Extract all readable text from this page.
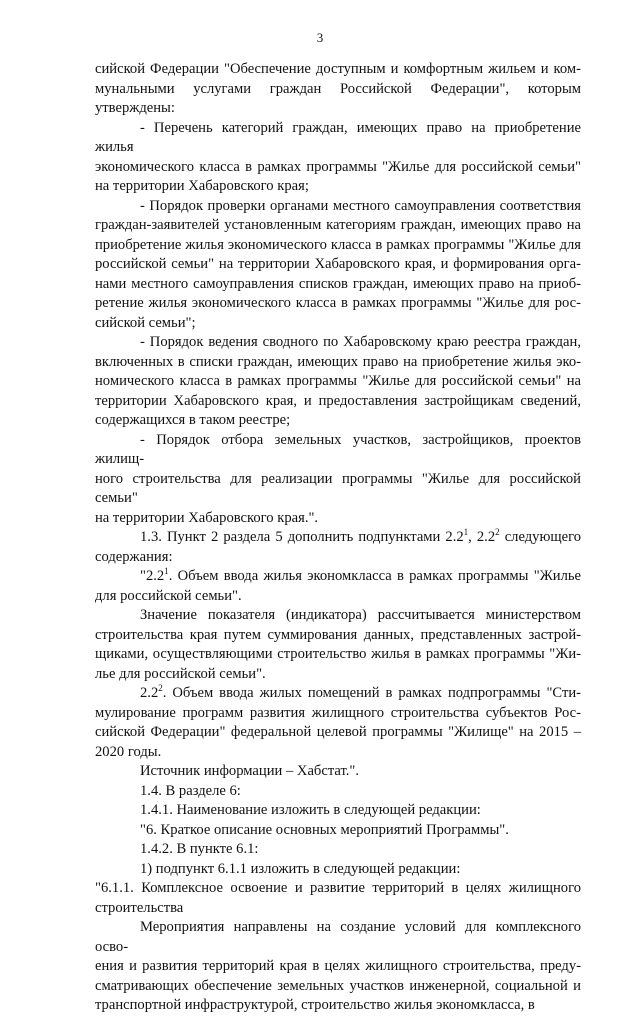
3
сийской Федерации "Обеспечение доступным и комфортным жильем и ком-
мунальными услугами граждан Российской Федерации", которым утверждены:
- Перечень категорий граждан, имеющих право на приобретение жилья
экономического класса в рамках программы "Жилье для российской семьи"
на территории Хабаровского края;
- Порядок проверки органами местного самоуправления соответствия
граждан-заявителей установленным категориям граждан, имеющих право на
приобретение жилья экономического класса в рамках программы "Жилье для
российской семьи" на территории Хабаровского края, и формирования орга-
нами местного самоуправления списков граждан, имеющих право на приоб-
ретение жилья экономического класса в рамках программы "Жилье для рос-
сийской семьи";
- Порядок ведения сводного по Хабаровскому краю реестра граждан,
включенных в списки граждан, имеющих право на приобретение жилья эко-
номического класса в рамках программы "Жилье для российской семьи" на
территории Хабаровского края, и предоставления застройщикам сведений,
содержащихся в таком реестре;
- Порядок отбора земельных участков, застройщиков, проектов жилищ-
ного строительства для реализации программы "Жилье для российской семьи"
на территории Хабаровского края.".
1.3. Пункт 2 раздела 5 дополнить подпунктами $2.2^1$, $2.2^2$ следующего
содержания:
"$2.2^1$. Объем ввода жилья экономкласса в рамках программы "Жилье
для российской семьи".
Значение показателя (индикатора) рассчитывается министерством
строительства края путем суммирования данных, представленных застрой-
щиками, осуществляющими строительство жилья в рамках программы "Жи-
лье для российской семьи".
$2.2^2$. Объем ввода жилых помещений в рамках подпрограммы "Сти-
мулирование программ развития жилищного строительства субъектов Рос-
сийской Федерации" федеральной целевой программы "Жилище" на 2015 –
2020 годы.
Источник информации – Хабстат.".
1.4. В разделе 6:
1.4.1. Наименование изложить в следующей редакции:
"6. Краткое описание основных мероприятий Программы".
1.4.2. В пункте 6.1:
1) подпункт 6.1.1 изложить в следующей редакции:
"6.1.1. Комплексное освоение и развитие территорий в целях жилищного
строительства
Мероприятия направлены на создание условий для комплексного осво-
ения и развития территорий края в целях жилищного строительства, преду-
сматривающих обеспечение земельных участков инженерной, социальной и
транспортной инфраструктурой, строительство жилья экономкласса, в
